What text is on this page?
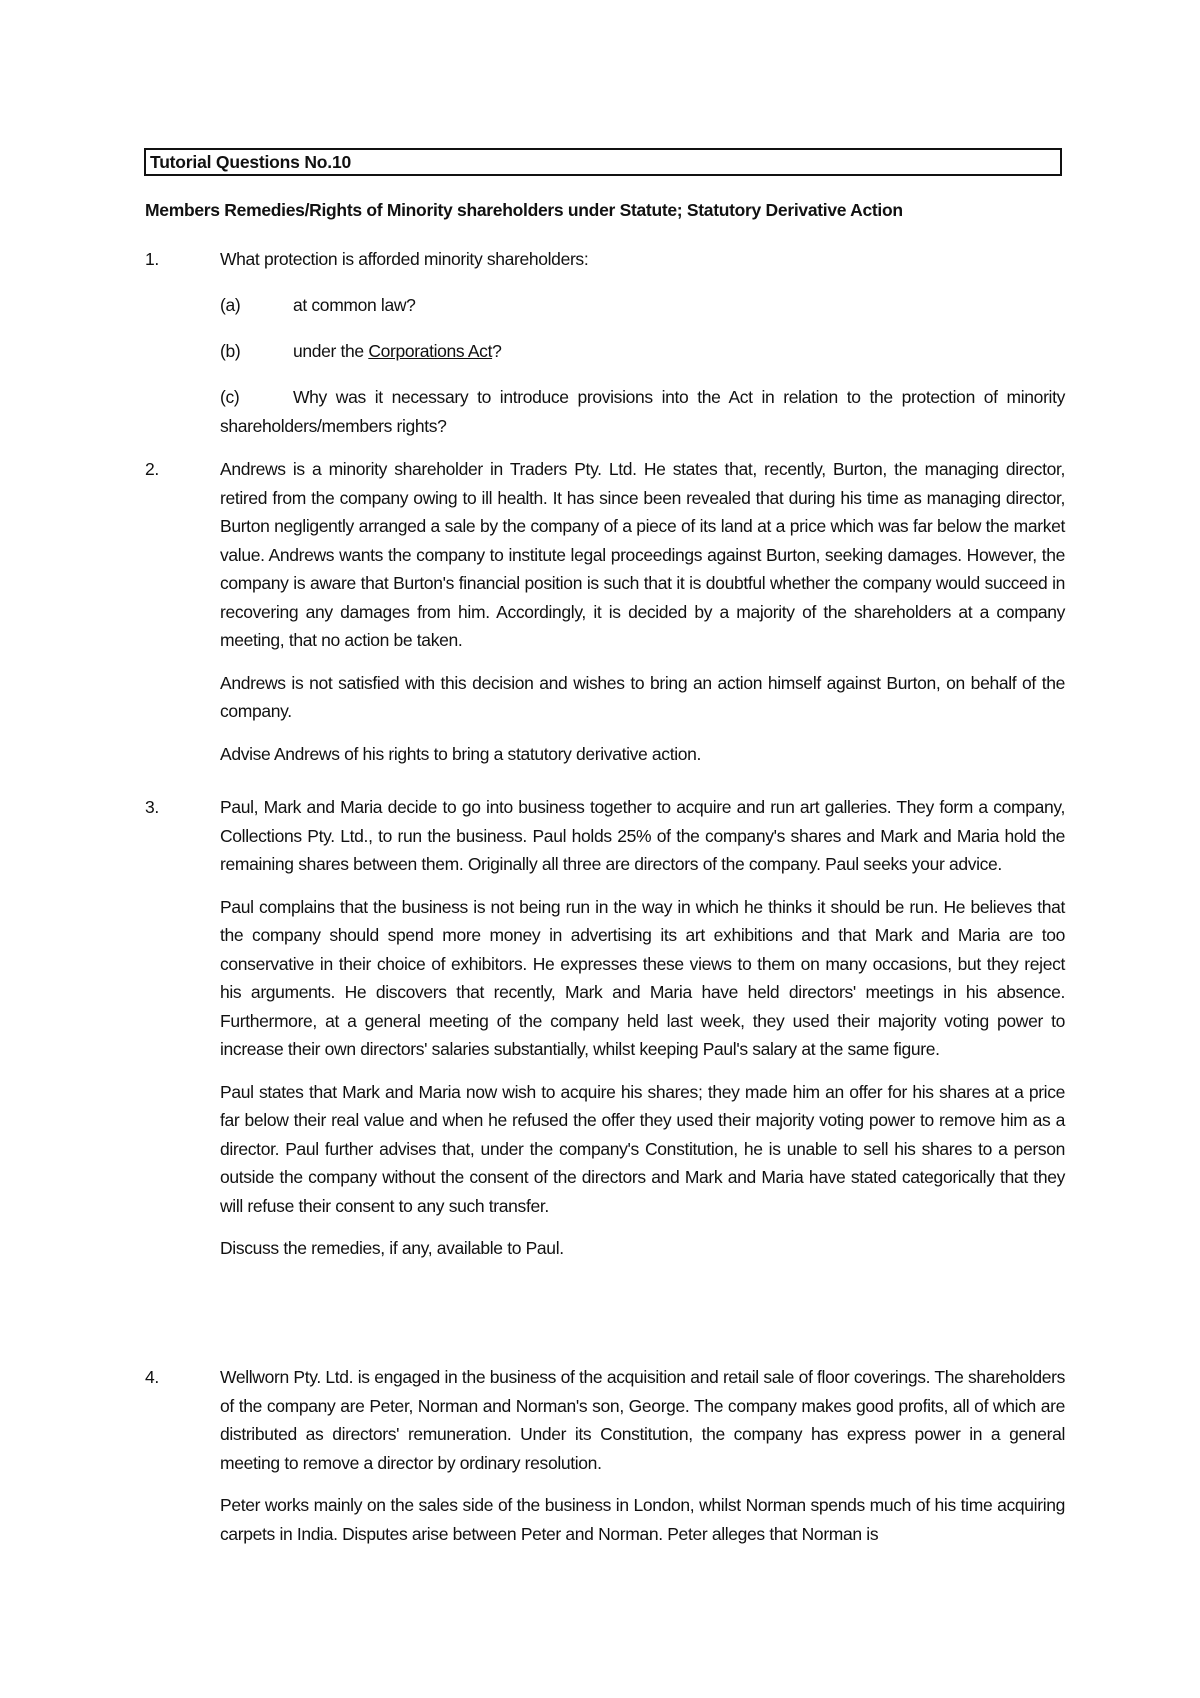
Tutorial Questions No.10
Members Remedies/Rights of Minority shareholders under Statute; Statutory Derivative Action
1.	What protection is afforded minority shareholders:
(a)	at common law?
(b)	under the Corporations Act?
(c)	Why was it necessary to introduce provisions into the Act in relation to the protection of minority shareholders/members rights?
2.	Andrews is a minority shareholder in Traders Pty. Ltd. He states that, recently, Burton, the managing director, retired from the company owing to ill health. It has since been revealed that during his time as managing director, Burton negligently arranged a sale by the company of a piece of its land at a price which was far below the market value. Andrews wants the company to institute legal proceedings against Burton, seeking damages. However, the company is aware that Burton's financial position is such that it is doubtful whether the company would succeed in recovering any damages from him. Accordingly, it is decided by a majority of the shareholders at a company meeting, that no action be taken.

Andrews is not satisfied with this decision and wishes to bring an action himself against Burton, on behalf of the company.

Advise Andrews of his rights to bring a statutory derivative action.

3.	Paul, Mark and Maria decide to go into business together to acquire and run art galleries. They form a company, Collections Pty. Ltd., to run the business. Paul holds 25% of the company's shares and Mark and Maria hold the remaining shares between them. Originally all three are directors of the company. Paul seeks your advice.

Paul complains that the business is not being run in the way in which he thinks it should be run. He believes that the company should spend more money in advertising its art exhibitions and that Mark and Maria are too conservative in their choice of exhibitors. He expresses these views to them on many occasions, but they reject his arguments. He discovers that recently, Mark and Maria have held directors' meetings in his absence. Furthermore, at a general meeting of the company held last week, they used their majority voting power to increase their own directors' salaries substantially, whilst keeping Paul's salary at the same figure.

Paul states that Mark and Maria now wish to acquire his shares; they made him an offer for his shares at a price far below their real value and when he refused the offer they used their majority voting power to remove him as a director. Paul further advises that, under the company's Constitution, he is unable to sell his shares to a person outside the company without the consent of the directors and Mark and Maria have stated categorically that they will refuse their consent to any such transfer.

Discuss the remedies, if any, available to Paul.

4.	Wellworn Pty. Ltd. is engaged in the business of the acquisition and retail sale of floor coverings. The shareholders of the company are Peter, Norman and Norman's son, George. The company makes good profits, all of which are distributed as directors' remuneration. Under its Constitution, the company has express power in a general meeting to remove a director by ordinary resolution.

Peter works mainly on the sales side of the business in London, whilst Norman spends much of his time acquiring carpets in India. Disputes arise between Peter and Norman. Peter alleges that Norman is
